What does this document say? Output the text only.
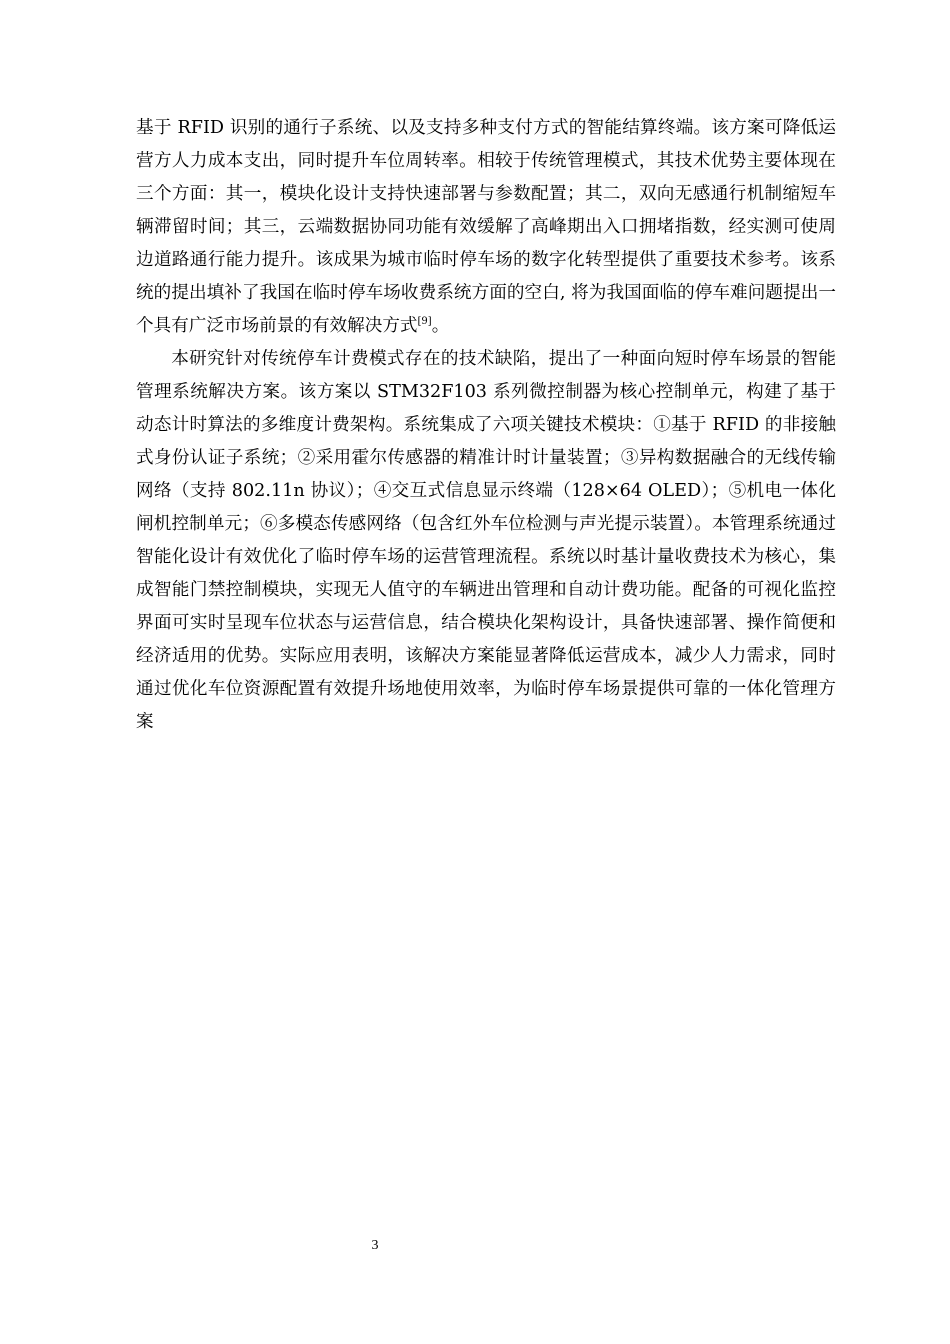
基于 RFID 识别的通行子系统、以及支持多种支付方式的智能结算终端。该方案可降低运营方人力成本支出，同时提升车位周转率。相较于传统管理模式，其技术优势主要体现在三个方面：其一，模块化设计支持快速部署与参数配置；其二，双向无感通行机制缩短车辆滞留时间；其三，云端数据协同功能有效缓解了高峰期出入口拥堵指数，经实测可使周边道路通行能力提升。该成果为城市临时停车场的数字化转型提供了重要技术参考。该系统的提出填补了我国在临时停车场收费系统方面的空白, 将为我国面临的停车难问题提出一个具有广泛市场前景的有效解决方式[9]。

本研究针对传统停车计费模式存在的技术缺陷，提出了一种面向短时停车场景的智能管理系统解决方案。该方案以 STM32F103 系列微控制器为核心控制单元，构建了基于动态计时算法的多维度计费架构。系统集成了六项关键技术模块：①基于 RFID 的非接触式身份认证子系统；②采用霍尔传感器的精准计时计量装置；③异构数据融合的无线传输网络（支持 802.11n 协议）；④交互式信息显示终端（128×64 OLED）；⑤机电一体化闸机控制单元；⑥多模态传感网络（包含红外车位检测与声光提示装置）。本管理系统通过智能化设计有效优化了临时停车场的运营管理流程。系统以时基计量收费技术为核心，集成智能门禁控制模块，实现无人值守的车辆进出管理和自动计费功能。配备的可视化监控界面可实时呈现车位状态与运营信息，结合模块化架构设计，具备快速部署、操作简便和经济适用的优势。实际应用表明，该解决方案能显著降低运营成本，减少人力需求，同时通过优化车位资源配置有效提升场地使用效率，为临时停车场景提供可靠的一体化管理方案

3
